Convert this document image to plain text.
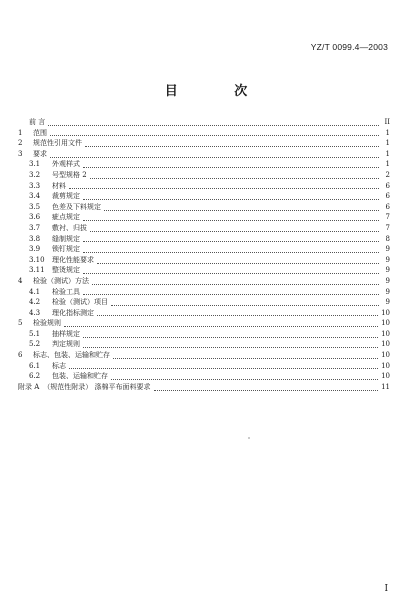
YZ/T 0099.4—2003
目 次
前 言	II
1	范围	1
2	规范性引用文件	1
3	要求	1
3.1	外观样式	1
3.2	号型规格 2	2
3.3	材料	6
3.4	裁剪规定	6
3.5	色差及下料规定	6
3.6	疵点规定	7
3.7	敷衬、归拔	7
3.8	缝制规定	8
3.9	锁钉规定	9
3.10	理化性能要求	9
3.11	整烫规定	9
4	检验（测试）方法	9
4.1	检验工具	9
4.2	检验（测试）项目	9
4.3	理化指标测定	10
5	检验规则	10
5.1	抽样规定	10
5.2	判定规则	10
6	标志、包装、运输和贮存	10
6.1	标志	10
6.2	包装、运输和贮存	10
附录 A （规范性附录） 涤棉平布面料要求	11
I
